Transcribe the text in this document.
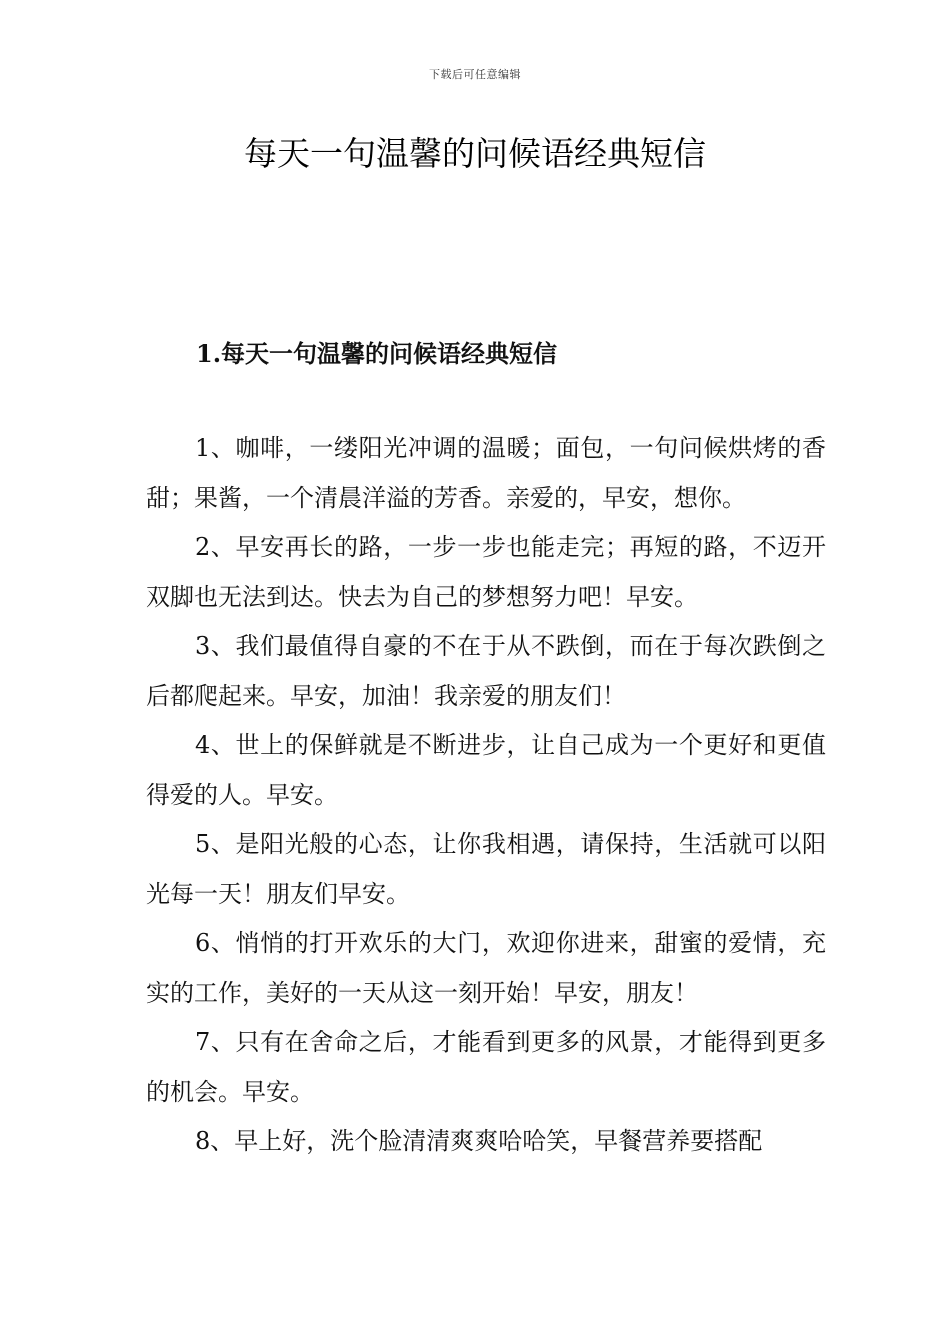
下载后可任意编辑
每天一句温馨的问候语经典短信
1.每天一句温馨的问候语经典短信

1、咖啡，一缕阳光冲调的温暖；面包，一句问候烘烤的香甜；果酱，一个清晨洋溢的芳香。亲爱的，早安，想你。

2、早安再长的路，一步一步也能走完；再短的路，不迈开双脚也无法到达。快去为自己的梦想努力吧！早安。

3、我们最值得自豪的不在于从不跌倒，而在于每次跌倒之后都爬起来。早安，加油！我亲爱的朋友们！

4、世上的保鲜就是不断进步，让自己成为一个更好和更值得爱的人。早安。

5、是阳光般的心态，让你我相遇，请保持，生活就可以阳光每一天！朋友们早安。

6、悄悄的打开欢乐的大门，欢迎你进来，甜蜜的爱情，充实的工作，美好的一天从这一刻开始！早安，朋友！

7、只有在舍命之后，才能看到更多的风景，才能得到更多的机会。早安。

8、早上好，洗个脸清清爽爽哈哈笑，早餐营养要搭配
